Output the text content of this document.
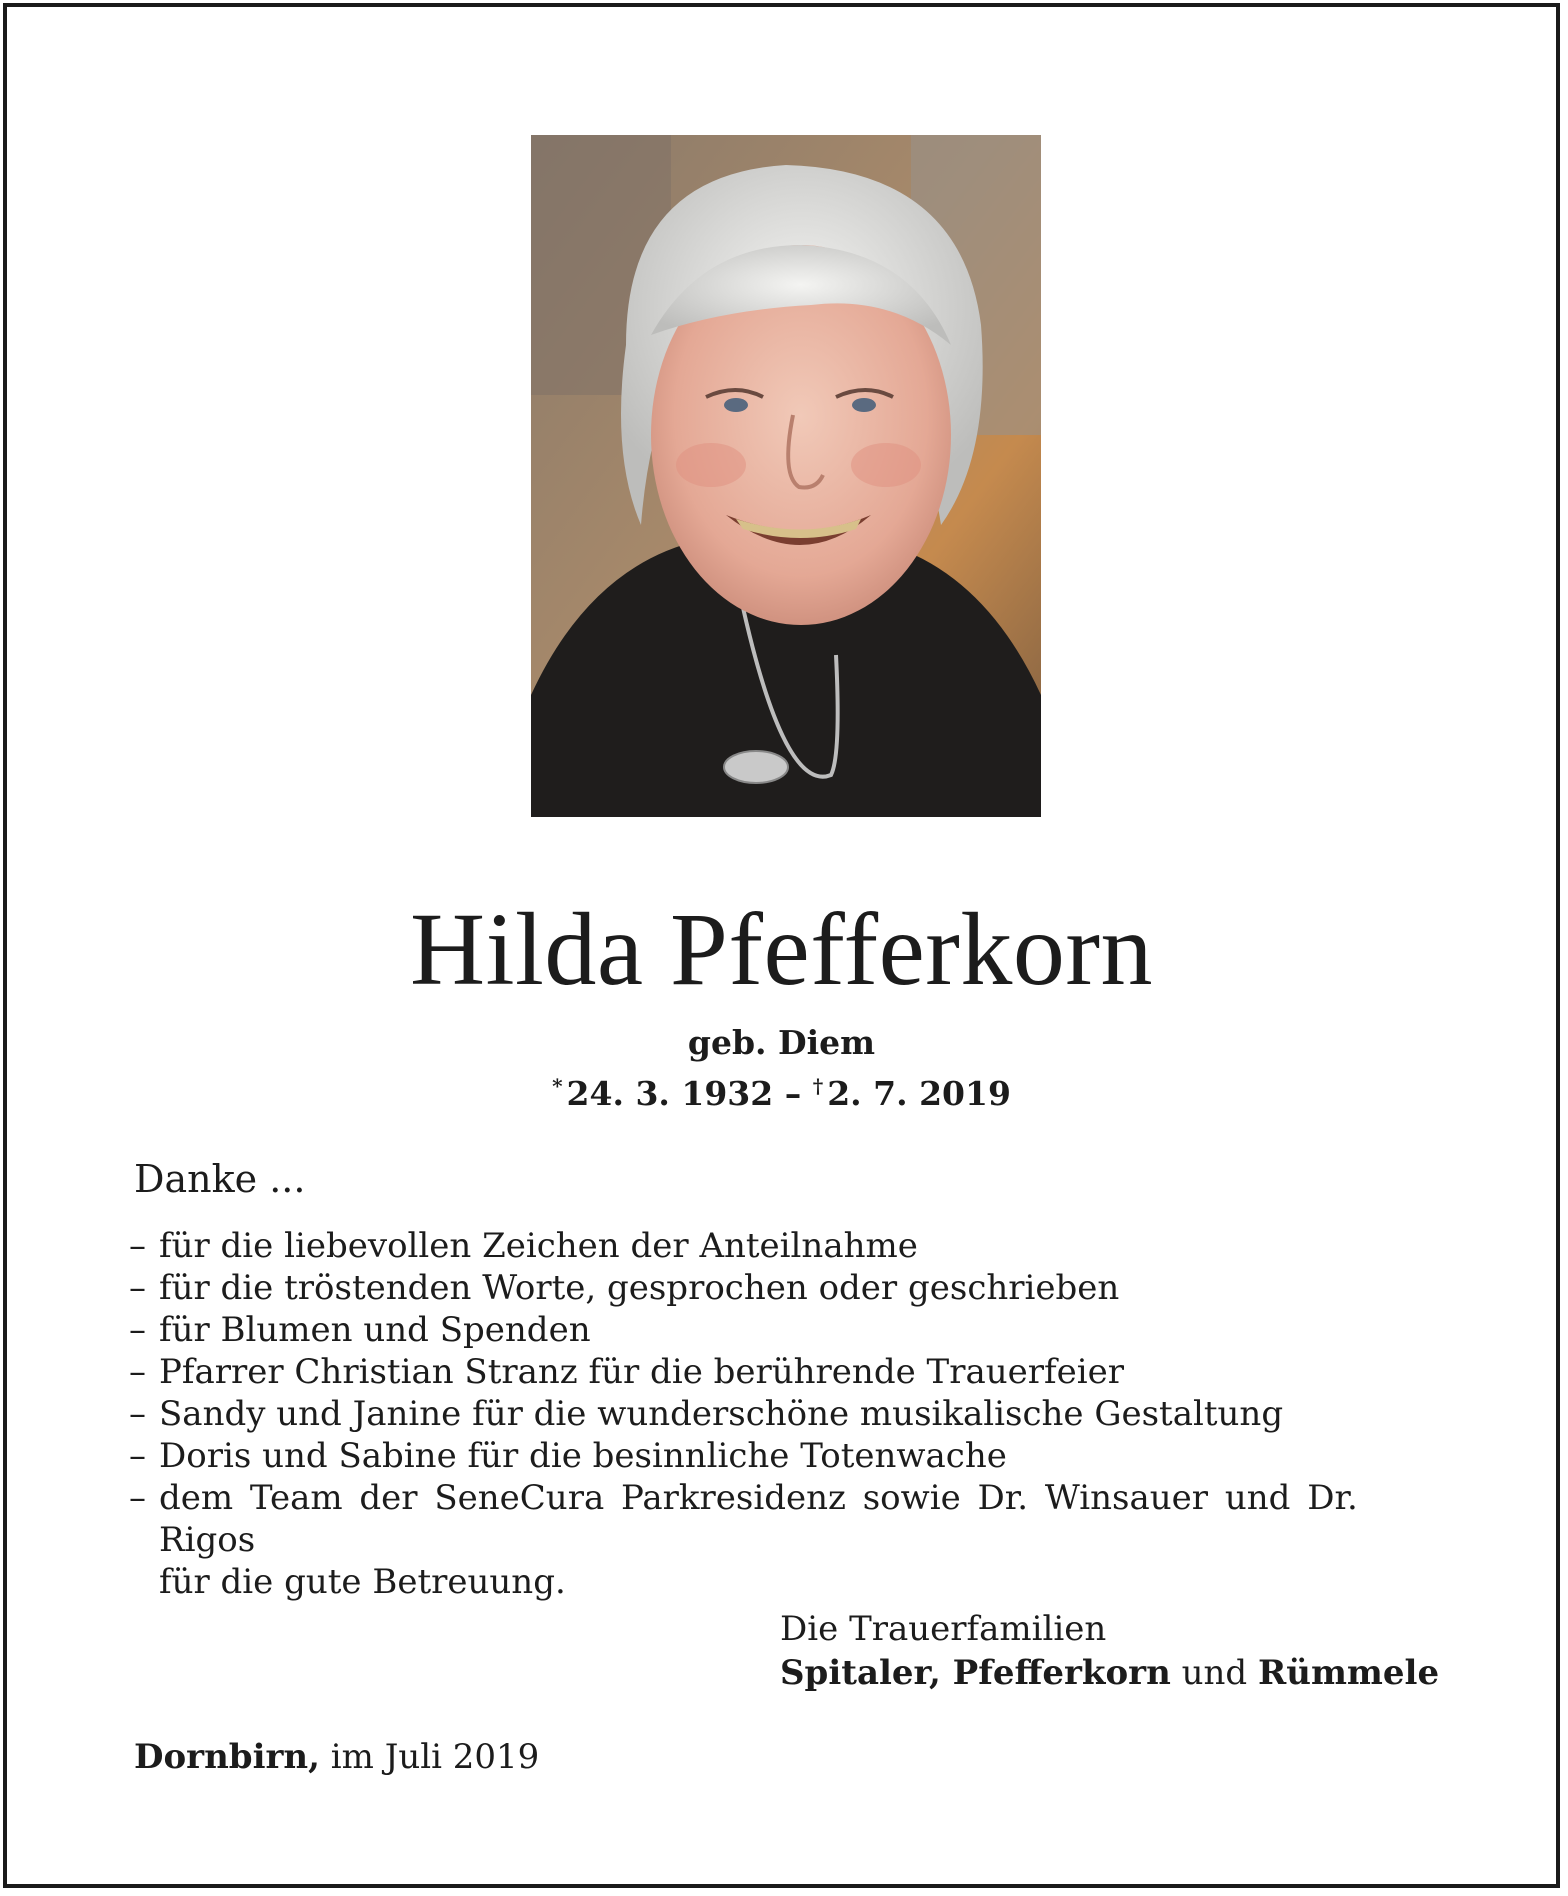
Hilda Pfefferkorn
geb. Diem
* 24. 3. 1932 – † 2. 7. 2019
Danke ...
– für die liebevollen Zeichen der Anteilnahme
– für die tröstenden Worte, gesprochen oder geschrieben
– für Blumen und Spenden
– Pfarrer Christian Stranz für die berührende Trauerfeier
– Sandy und Janine für die wunderschöne musikalische Gestaltung
– Doris und Sabine für die besinnliche Totenwache
– dem Team der SeneCura Parkresidenz sowie Dr. Winsauer und Dr. Rigos
für die gute Betreuung.
Die Trauerfamilien
Spitaler, Pfefferkorn und Rümmele
Dornbirn, im Juli 2019
